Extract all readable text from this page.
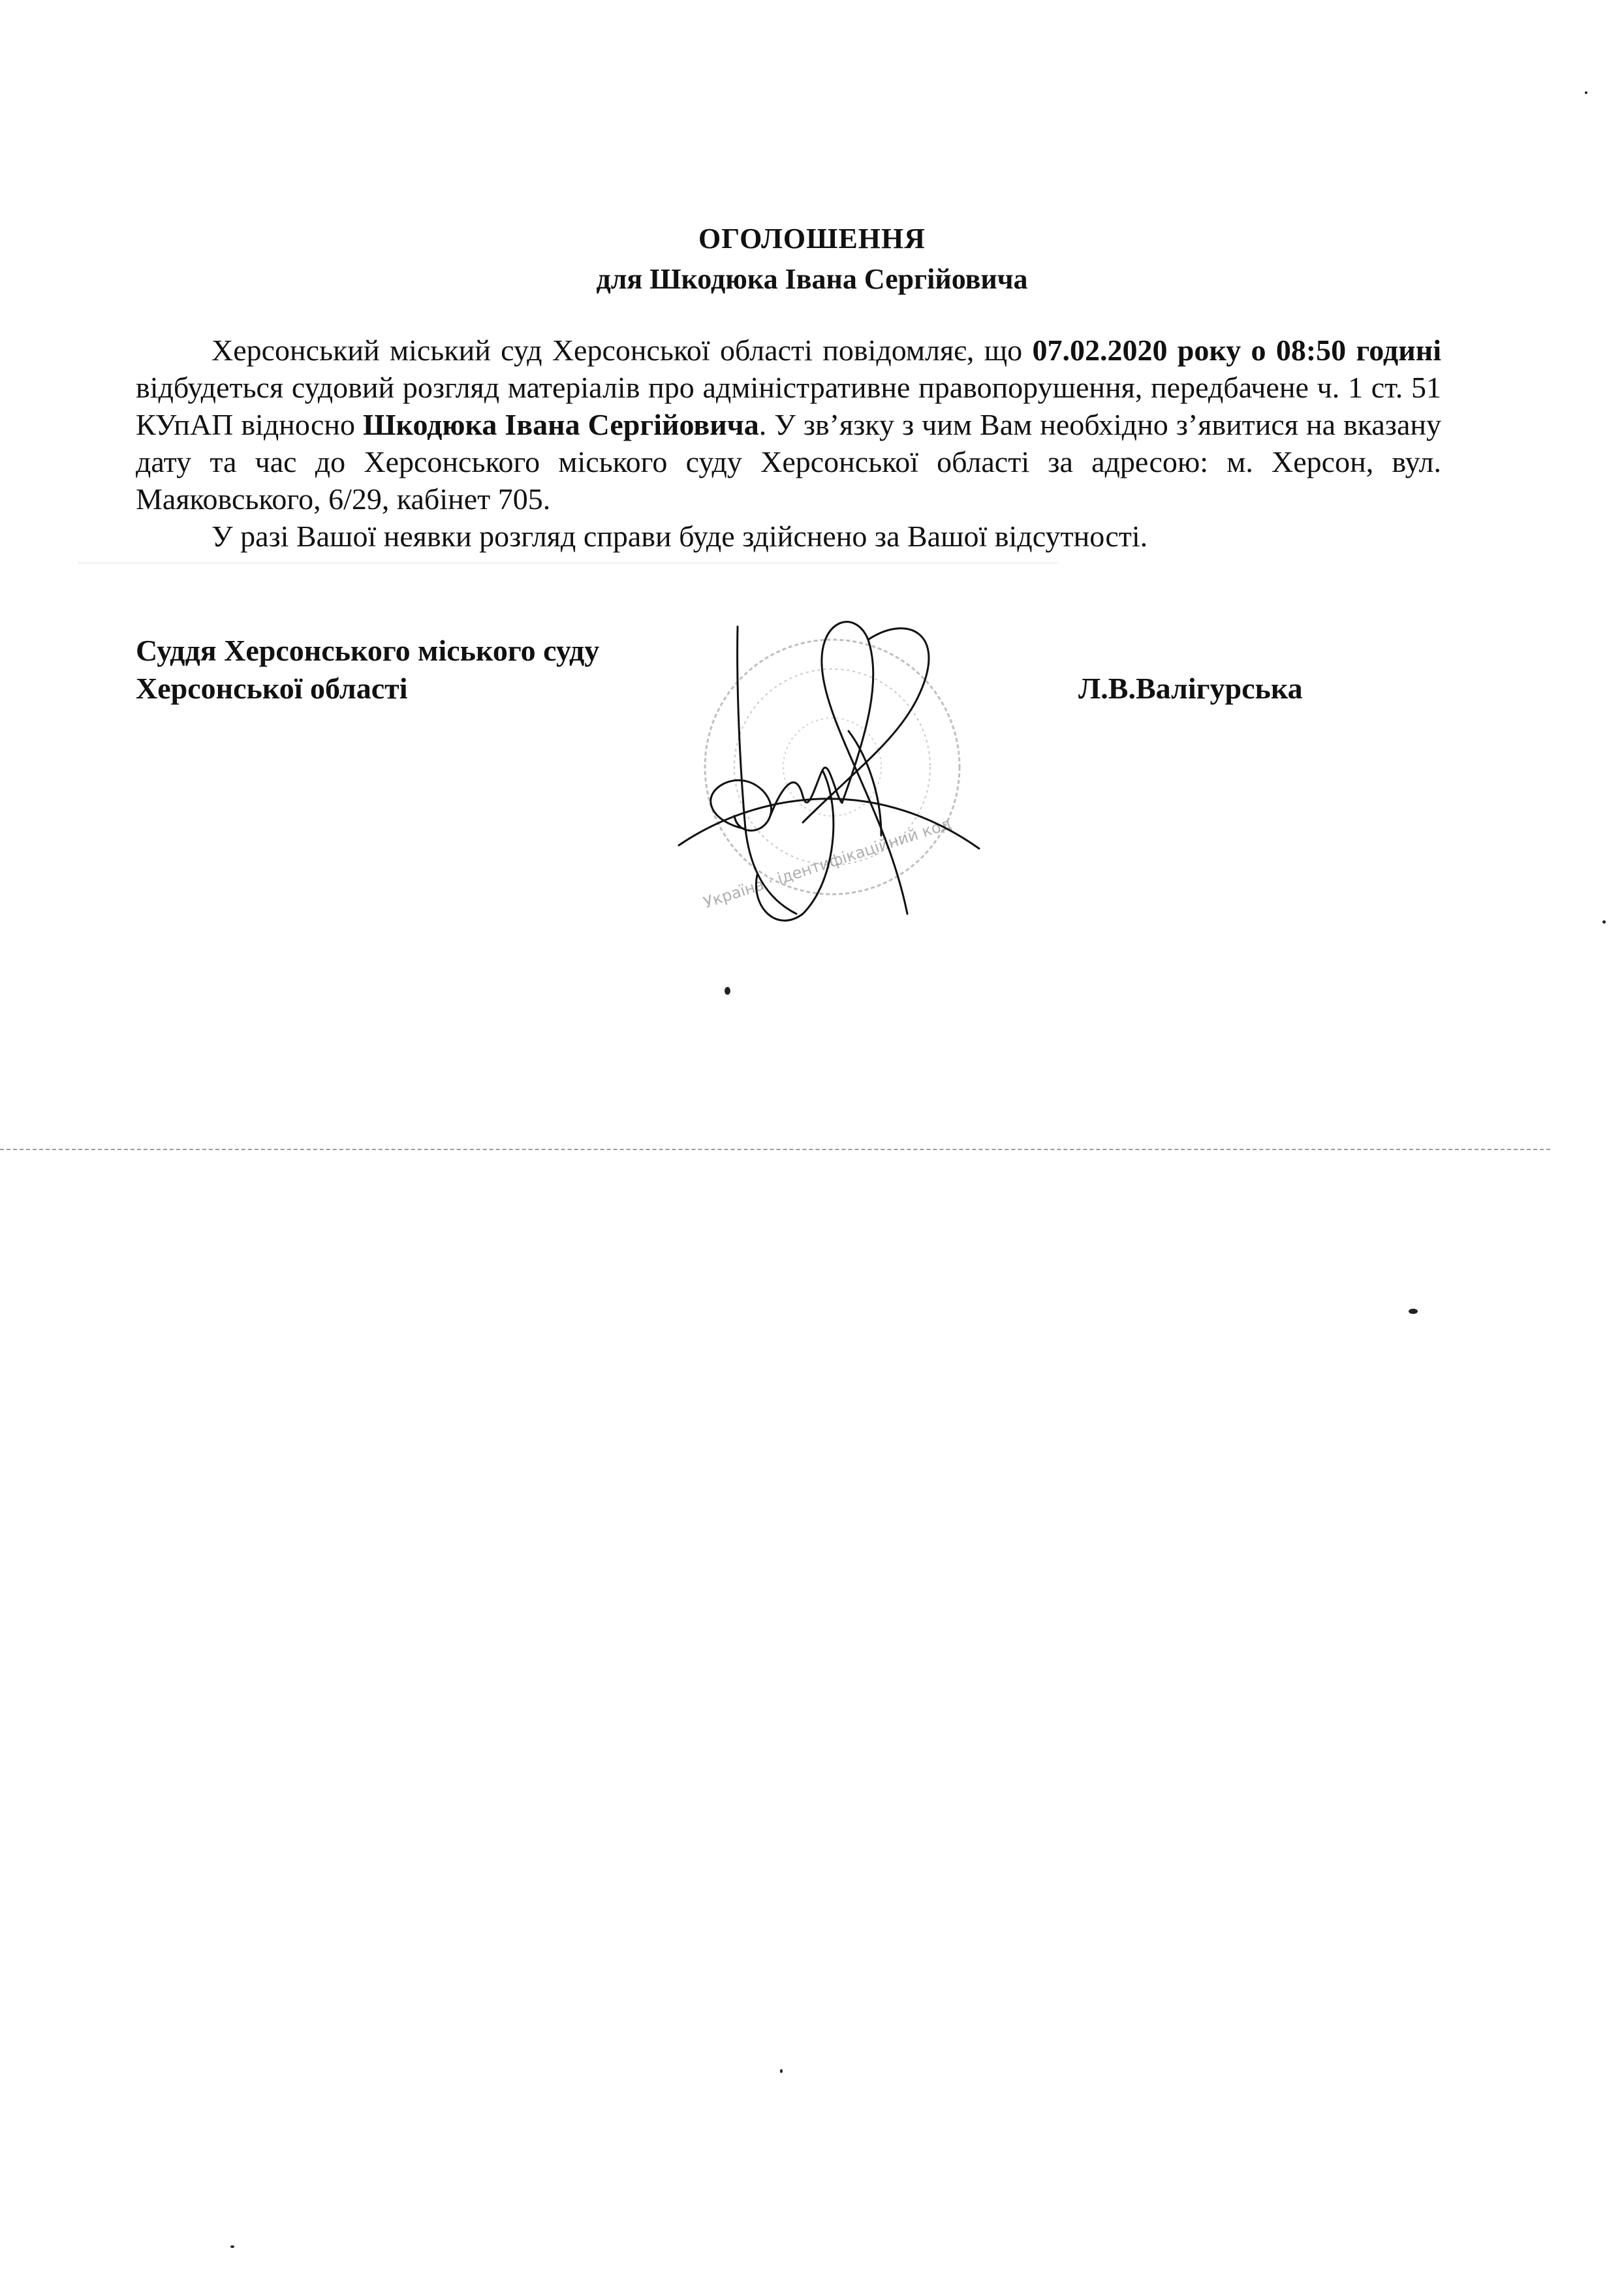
ОГОЛОШЕННЯ
для Шкодюка Івана Сергійовича

Херсонський міський суд Херсонської області повідомляє, що 07.02.2020 року о 08:50 годині відбудеться судовий розгляд матеріалів про адміністративне правопорушення, передбачене ч. 1 ст. 51 КУпАП відносно Шкодюка Івана Сергійовича. У зв’язку з чим Вам необхідно з’явитися на вказану дату та час до Херсонського міського суду Херсонської області за адресою: м. Херсон, вул. Маяковського, 6/29, кабінет 705.

У разі Вашої неявки розгляд справи буде здійснено за Вашої відсутності.

Суддя Херсонського міського суду
Херсонської області
Україна · ідентифікаційний код
Л.В.Валігурська
